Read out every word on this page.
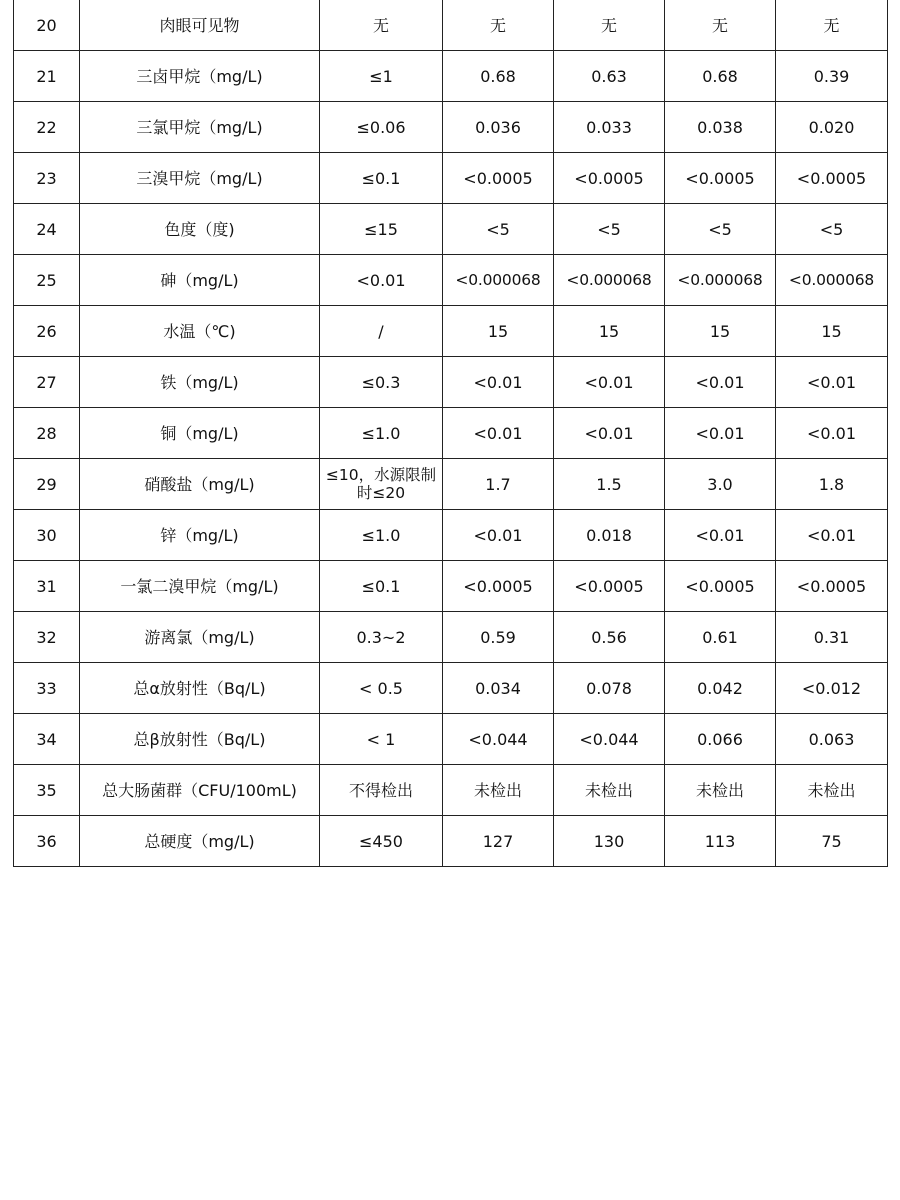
20	肉眼可见物	无	无	无	无	无
21	三卤甲烷（mg/L)	≤1	0.68	0.63	0.68	0.39
22	三氯甲烷（mg/L)	≤0.06	0.036	0.033	0.038	0.020
23	三溴甲烷（mg/L)	≤0.1	<0.0005	<0.0005	<0.0005	<0.0005
24	色度（度)	≤15	<5	<5	<5	<5
25	砷（mg/L)	<0.01	<0.000068	<0.000068	<0.000068	<0.000068
26	水温（℃)	/	15	15	15	15
27	铁（mg/L)	≤0.3	<0.01	<0.01	<0.01	<0.01
28	铜（mg/L)	≤1.0	<0.01	<0.01	<0.01	<0.01
29	硝酸盐（mg/L)	≤10，水源限制时≤20	1.7	1.5	3.0	1.8
30	锌（mg/L)	≤1.0	<0.01	0.018	<0.01	<0.01
31	一氯二溴甲烷（mg/L)	≤0.1	<0.0005	<0.0005	<0.0005	<0.0005
32	游离氯（mg/L)	0.3~2	0.59	0.56	0.61	0.31
33	总α放射性（Bq/L)	< 0.5	0.034	0.078	0.042	<0.012
34	总β放射性（Bq/L)	< 1	<0.044	<0.044	0.066	0.063
35	总大肠菌群（CFU/100mL)	不得检出	未检出	未检出	未检出	未检出
36	总硬度（mg/L)	≤450	127	130	113	75
